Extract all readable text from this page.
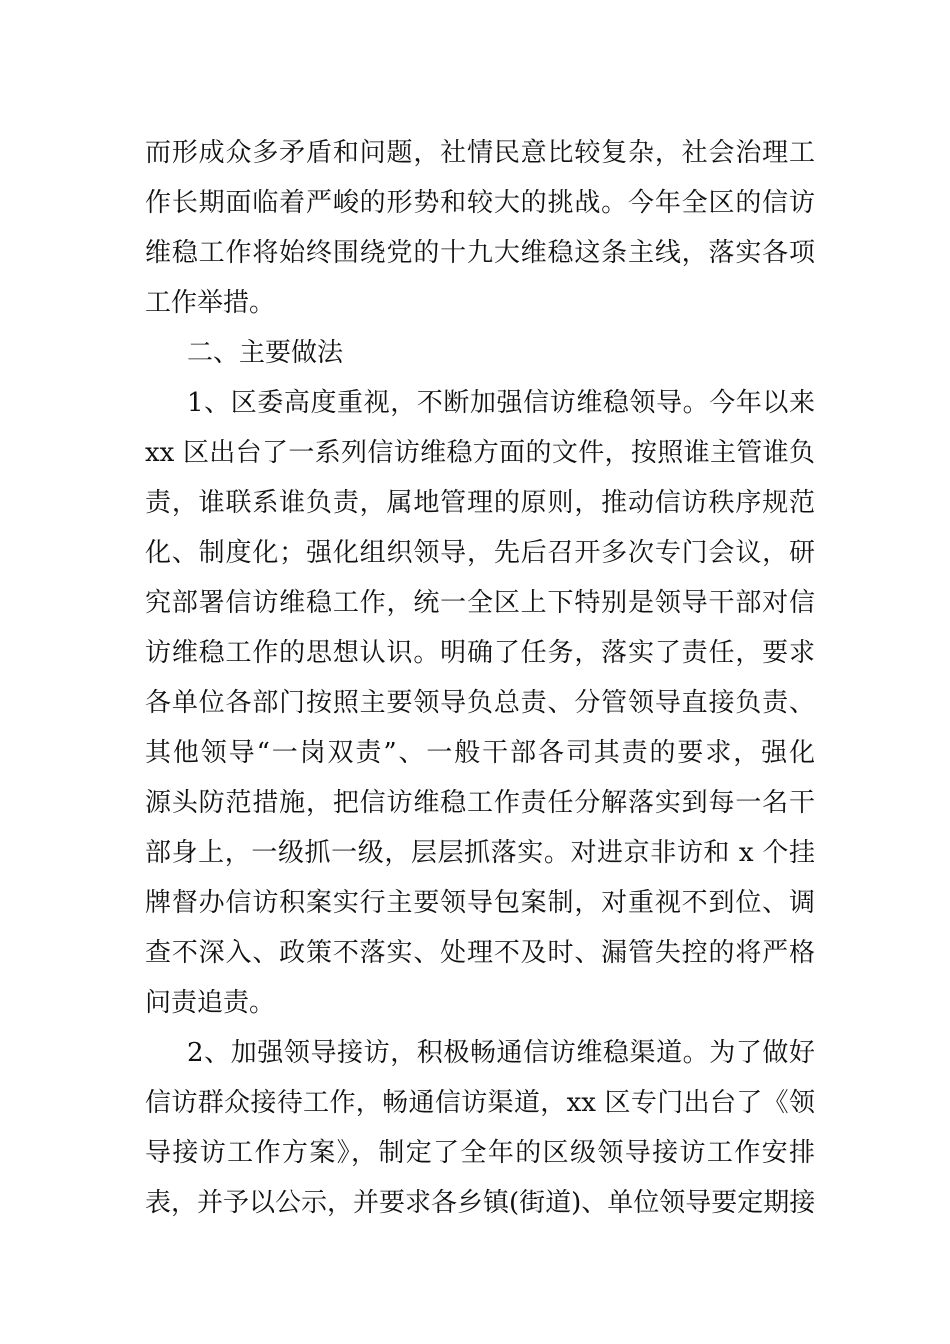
而形成众多矛盾和问题，社情民意比较复杂，社会治理工
作长期面临着严峻的形势和较大的挑战。今年全区的信访
维稳工作将始终围绕党的十九大维稳这条主线，落实各项
工作举措。
二、主要做法
1、区委高度重视，不断加强信访维稳领导。今年以来
xx 区出台了一系列信访维稳方面的文件，按照谁主管谁负
责，谁联系谁负责，属地管理的原则，推动信访秩序规范
化、制度化；强化组织领导，先后召开多次专门会议，研
究部署信访维稳工作，统一全区上下特别是领导干部对信
访维稳工作的思想认识。明确了任务，落实了责任，要求
各单位各部门按照主要领导负总责、分管领导直接负责、
其他领导“一岗双责”、一般干部各司其责的要求，强化
源头防范措施，把信访维稳工作责任分解落实到每一名干
部身上，一级抓一级，层层抓落实。对进京非访和 x 个挂
牌督办信访积案实行主要领导包案制，对重视不到位、调
查不深入、政策不落实、处理不及时、漏管失控的将严格
问责追责。
2、加强领导接访，积极畅通信访维稳渠道。为了做好
信访群众接待工作，畅通信访渠道，xx 区专门出台了《领
导接访工作方案》，制定了全年的区级领导接访工作安排
表，并予以公示，并要求各乡镇(街道)、单位领导要定期接
